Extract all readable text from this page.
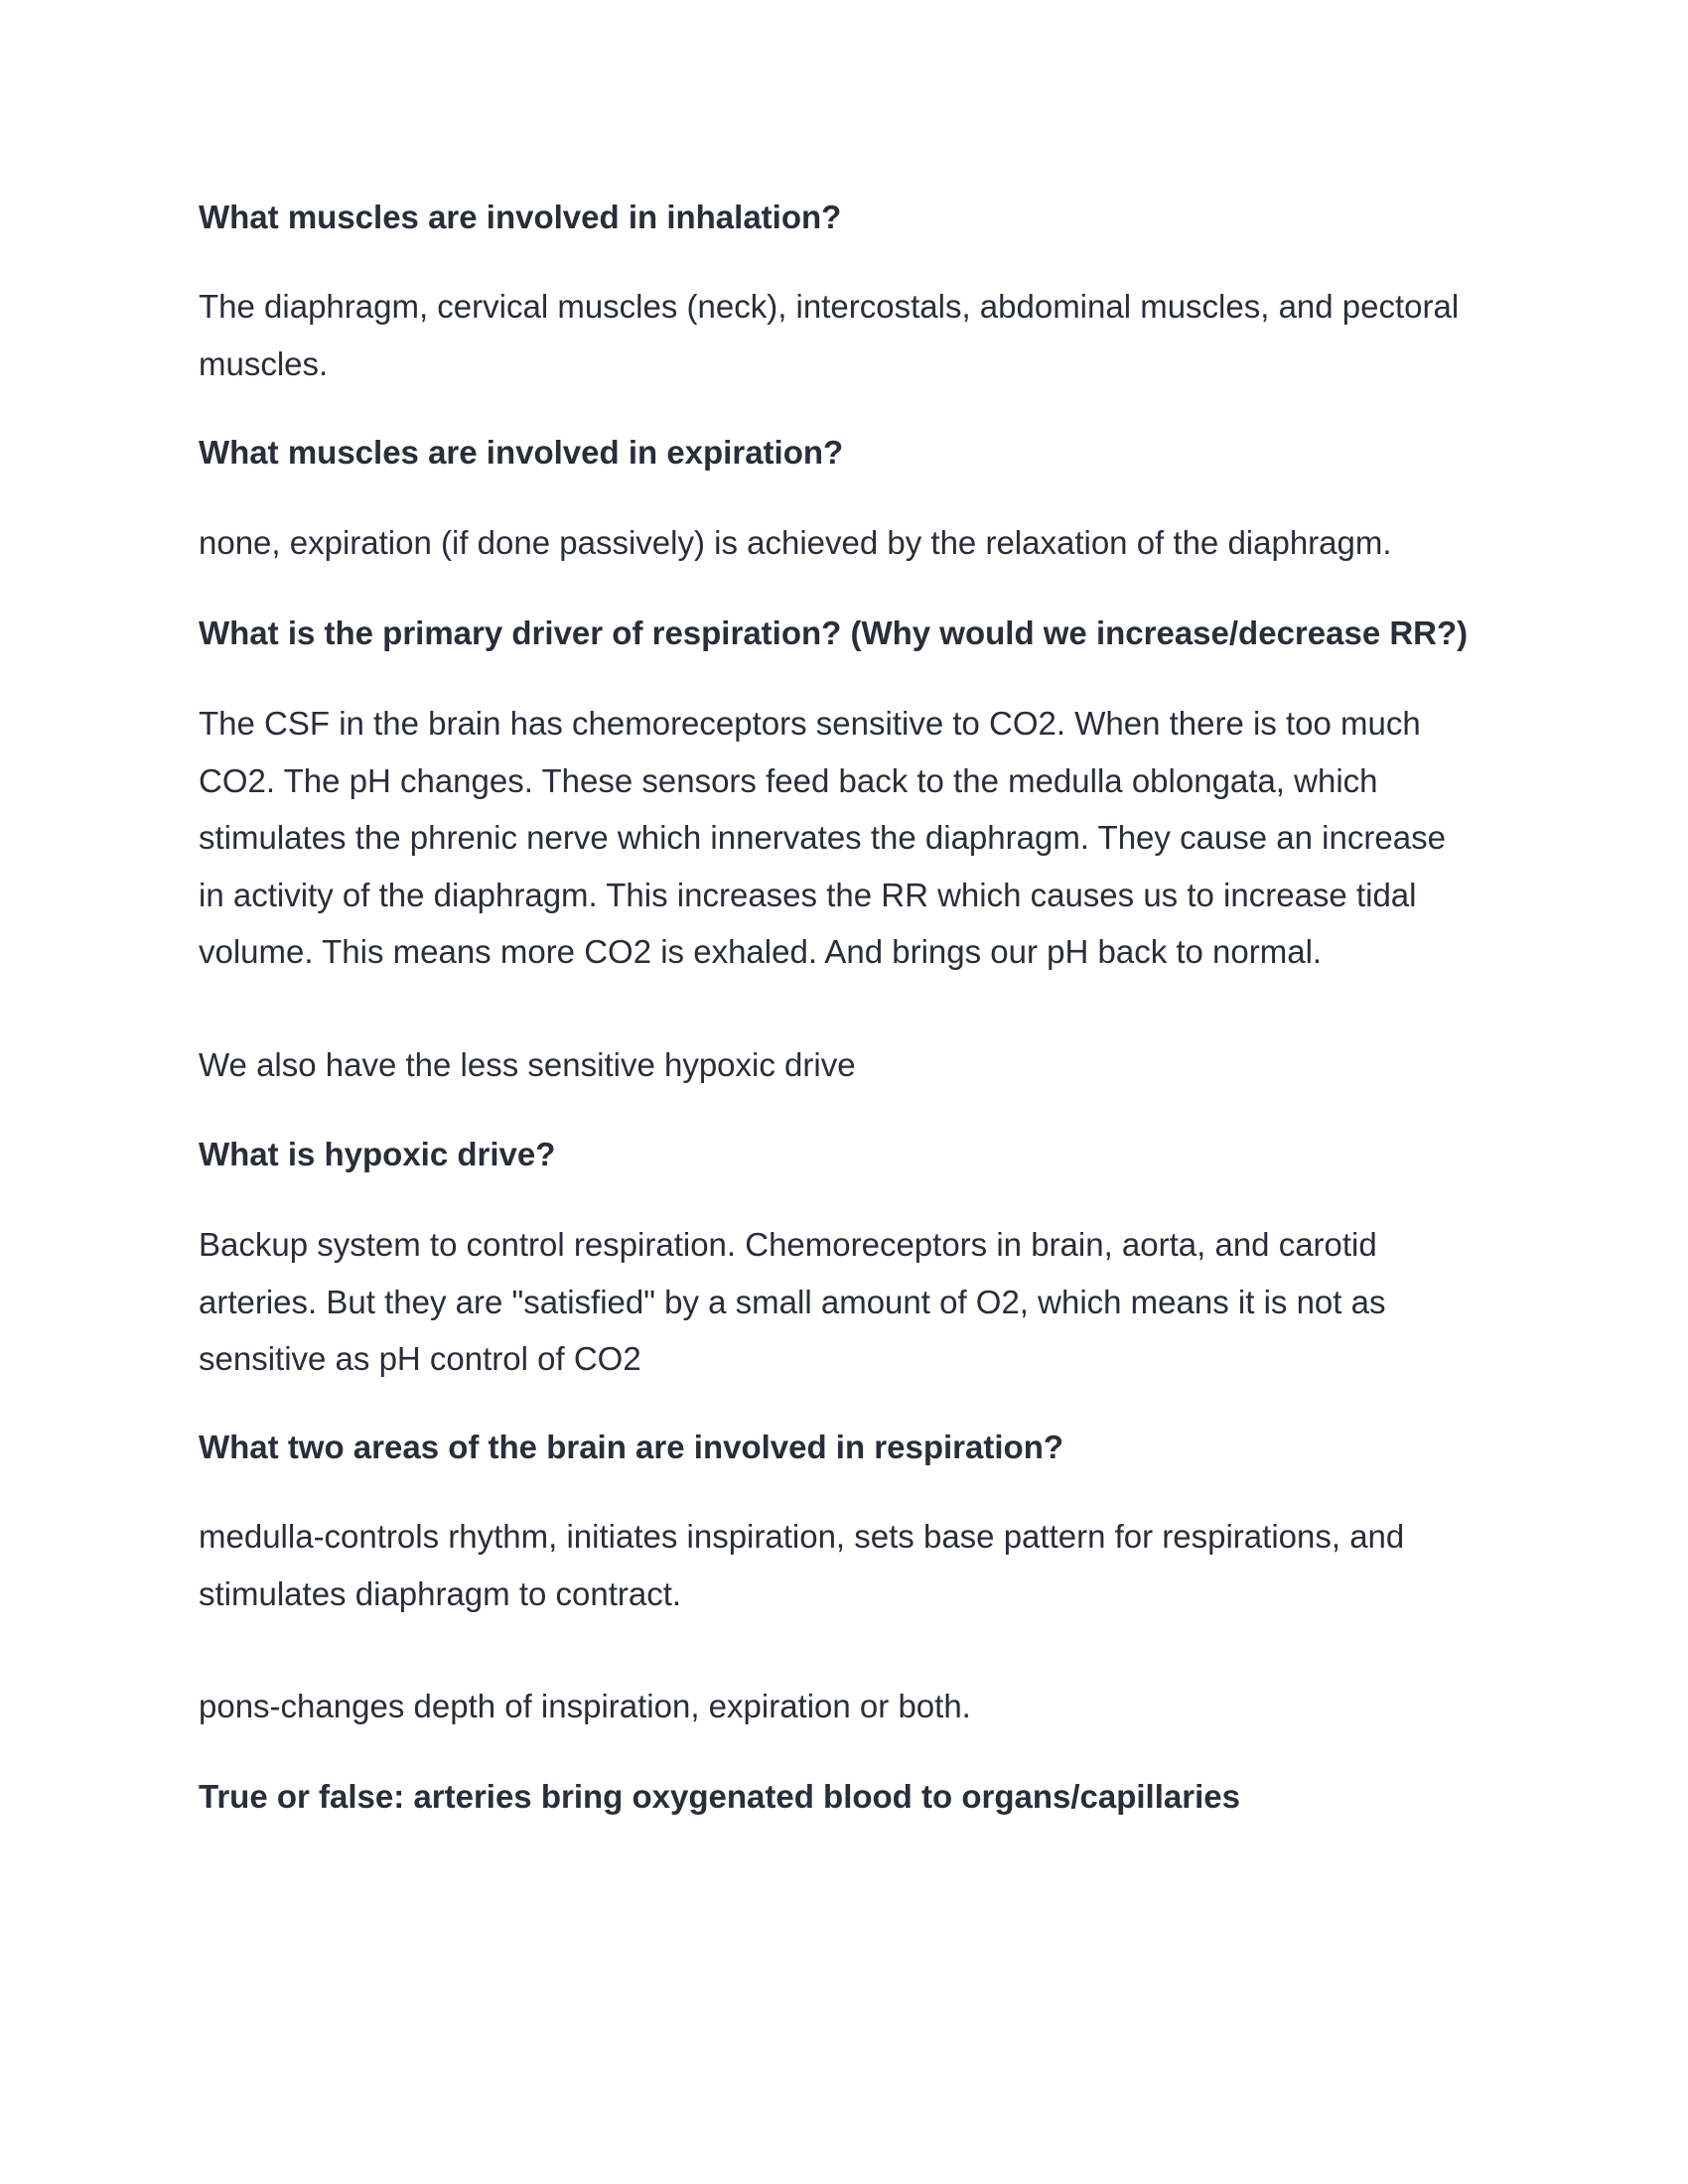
What muscles are involved in inhalation?

The diaphragm, cervical muscles (neck), intercostals, abdominal muscles, and pectoral
muscles.

What muscles are involved in expiration?

none, expiration (if done passively) is achieved by the relaxation of the diaphragm.

What is the primary driver of respiration? (Why would we increase/decrease RR?)

The CSF in the brain has chemoreceptors sensitive to CO2. When there is too much
CO2. The pH changes. These sensors feed back to the medulla oblongata, which
stimulates the phrenic nerve which innervates the diaphragm. They cause an increase
in activity of the diaphragm. This increases the RR which causes us to increase tidal
volume. This means more CO2 is exhaled. And brings our pH back to normal.

We also have the less sensitive hypoxic drive

What is hypoxic drive?

Backup system to control respiration. Chemoreceptors in brain, aorta, and carotid
arteries. But they are "satisfied" by a small amount of O2, which means it is not as
sensitive as pH control of CO2

What two areas of the brain are involved in respiration?

medulla-controls rhythm, initiates inspiration, sets base pattern for respirations, and
stimulates diaphragm to contract.

pons-changes depth of inspiration, expiration or both.

True or false: arteries bring oxygenated blood to organs/capillaries
